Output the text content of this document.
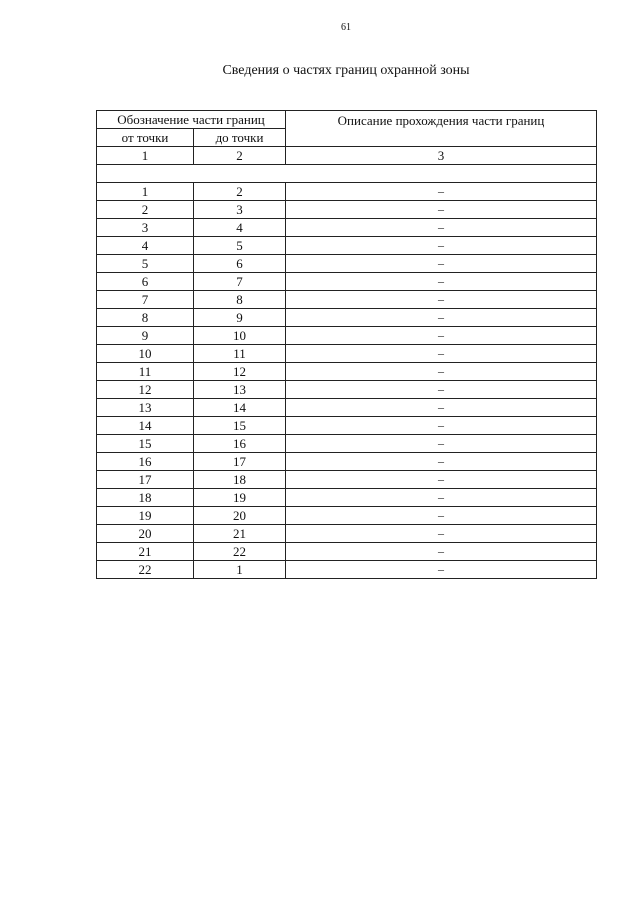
61
Сведения о частях границ охранной зоны
Обозначение части границ		Описание прохождения части границ
от точки	до точки	
1	2	3

1	2	–
2	3	–
3	4	–
4	5	–
5	6	–
6	7	–
7	8	–
8	9	–
9	10	–
10	11	–
11	12	–
12	13	–
13	14	–
14	15	–
15	16	–
16	17	–
17	18	–
18	19	–
19	20	–
20	21	–
21	22	–
22	1	–
